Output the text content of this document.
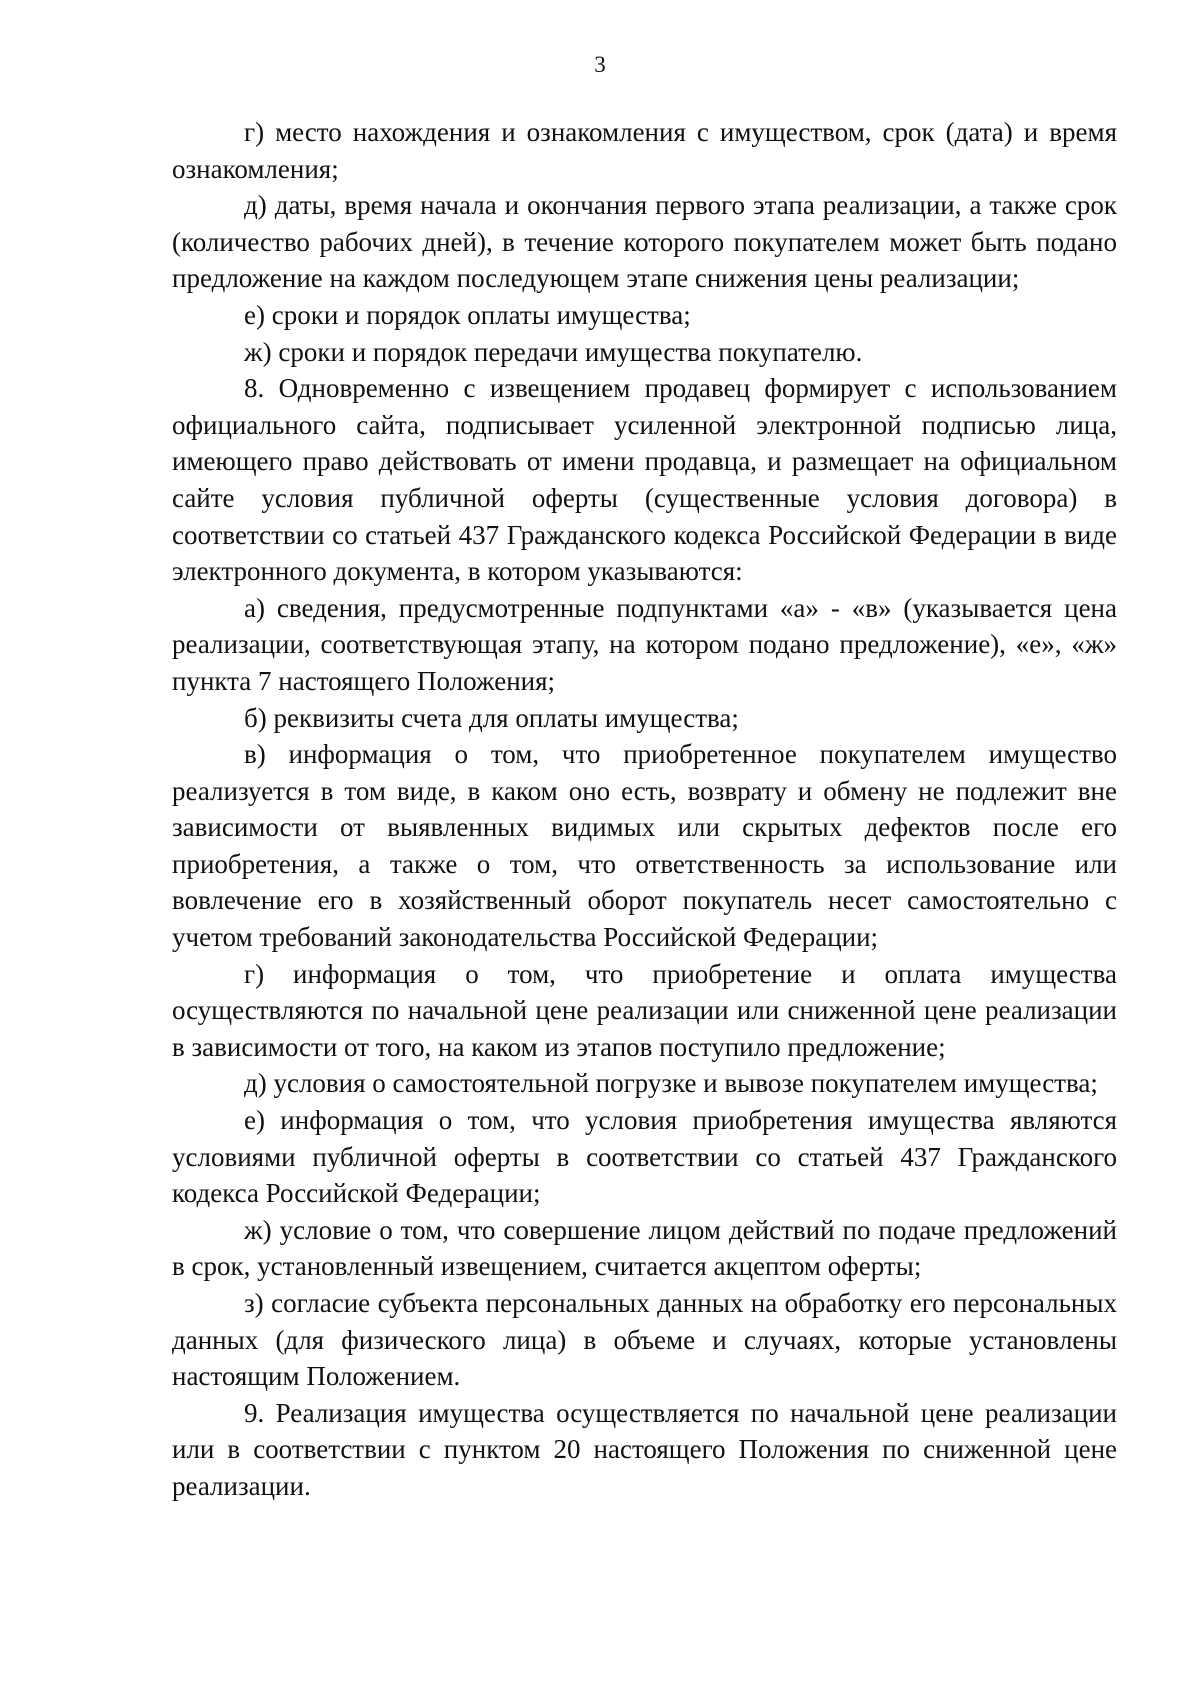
3

г) место нахождения и ознакомления с имуществом, срок (дата) и время ознакомления;

д) даты, время начала и окончания первого этапа реализации, а также срок (количество рабочих дней), в течение которого покупателем может быть подано предложение на каждом последующем этапе снижения цены реализации;

е) сроки и порядок оплаты имущества;

ж) сроки и порядок передачи имущества покупателю.

8. Одновременно с извещением продавец формирует с использованием официального сайта, подписывает усиленной электронной подписью лица, имеющего право действовать от имени продавца, и размещает на официальном сайте условия публичной оферты (существенные условия договора) в соответствии со статьей 437 Гражданского кодекса Российской Федерации в виде электронного документа, в котором указываются:

а) сведения, предусмотренные подпунктами «а» - «в» (указывается цена реализации, соответствующая этапу, на котором подано предложение), «е», «ж» пункта 7 настоящего Положения;

б) реквизиты счета для оплаты имущества;

в) информация о том, что приобретенное покупателем имущество реализуется в том виде, в каком оно есть, возврату и обмену не подлежит вне зависимости от выявленных видимых или скрытых дефектов после его приобретения, а также о том, что ответственность за использование или вовлечение его в хозяйственный оборот покупатель несет самостоятельно с учетом требований законодательства Российской Федерации;

г) информация о том, что приобретение и оплата имущества осуществляются по начальной цене реализации или сниженной цене реализации в зависимости от того, на каком из этапов поступило предложение;

д) условия о самостоятельной погрузке и вывозе покупателем имущества;

е) информация о том, что условия приобретения имущества являются условиями публичной оферты в соответствии со статьей 437 Гражданского кодекса Российской Федерации;

ж) условие о том, что совершение лицом действий по подаче предложений в срок, установленный извещением, считается акцептом оферты;

з) согласие субъекта персональных данных на обработку его персональных данных (для физического лица) в объеме и случаях, которые установлены настоящим Положением.

9. Реализация имущества осуществляется по начальной цене реализации или в соответствии с пунктом 20 настоящего Положения по сниженной цене реализации.
